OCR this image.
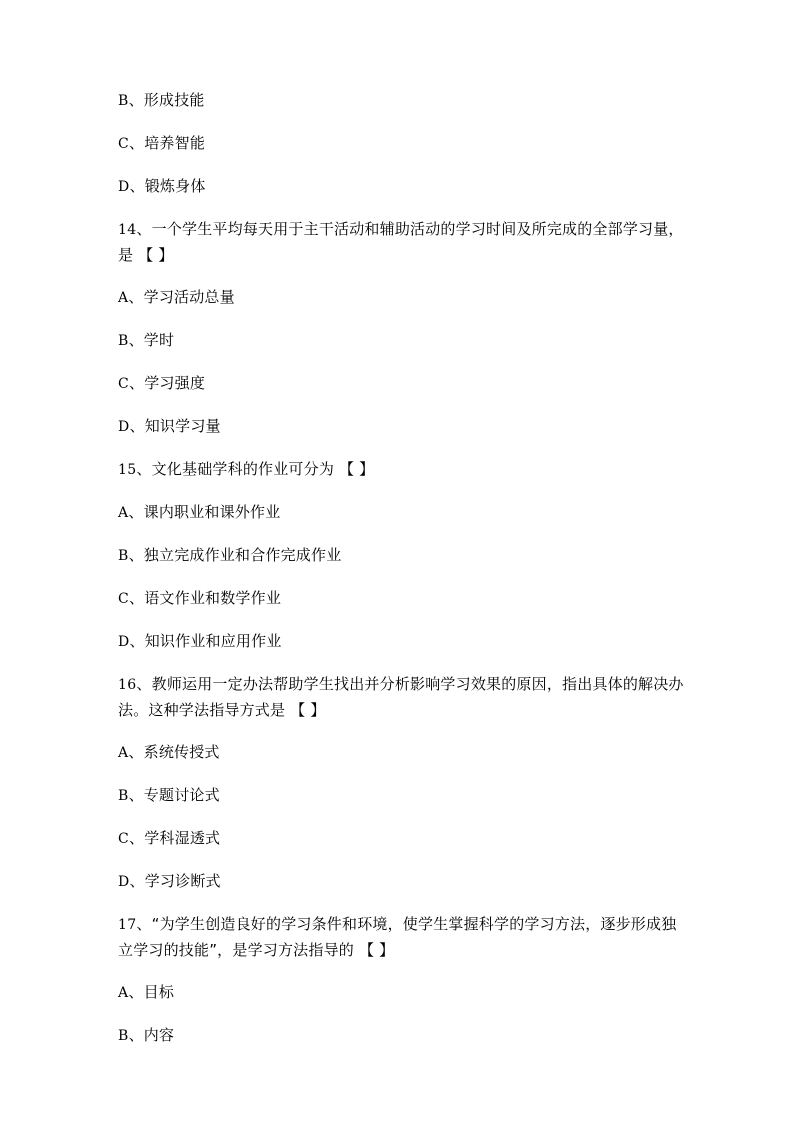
B、形成技能

C、培养智能

D、锻炼身体

14、一个学生平均每天用于主干活动和辅助活动的学习时间及所完成的全部学习量，是 【 】

A、学习活动总量

B、学时

C、学习强度

D、知识学习量

15、文化基础学科的作业可分为 【 】

A、课内职业和课外作业

B、独立完成作业和合作完成作业

C、语文作业和数学作业

D、知识作业和应用作业

16、教师运用一定办法帮助学生找出并分析影响学习效果的原因，指出具体的解决办法。这种学法指导方式是 【 】

A、系统传授式

B、专题讨论式

C、学科湿透式

D、学习诊断式

17、“为学生创造良好的学习条件和环境，使学生掌握科学的学习方法，逐步形成独立学习的技能”，是学习方法指导的 【 】

A、目标

B、内容
